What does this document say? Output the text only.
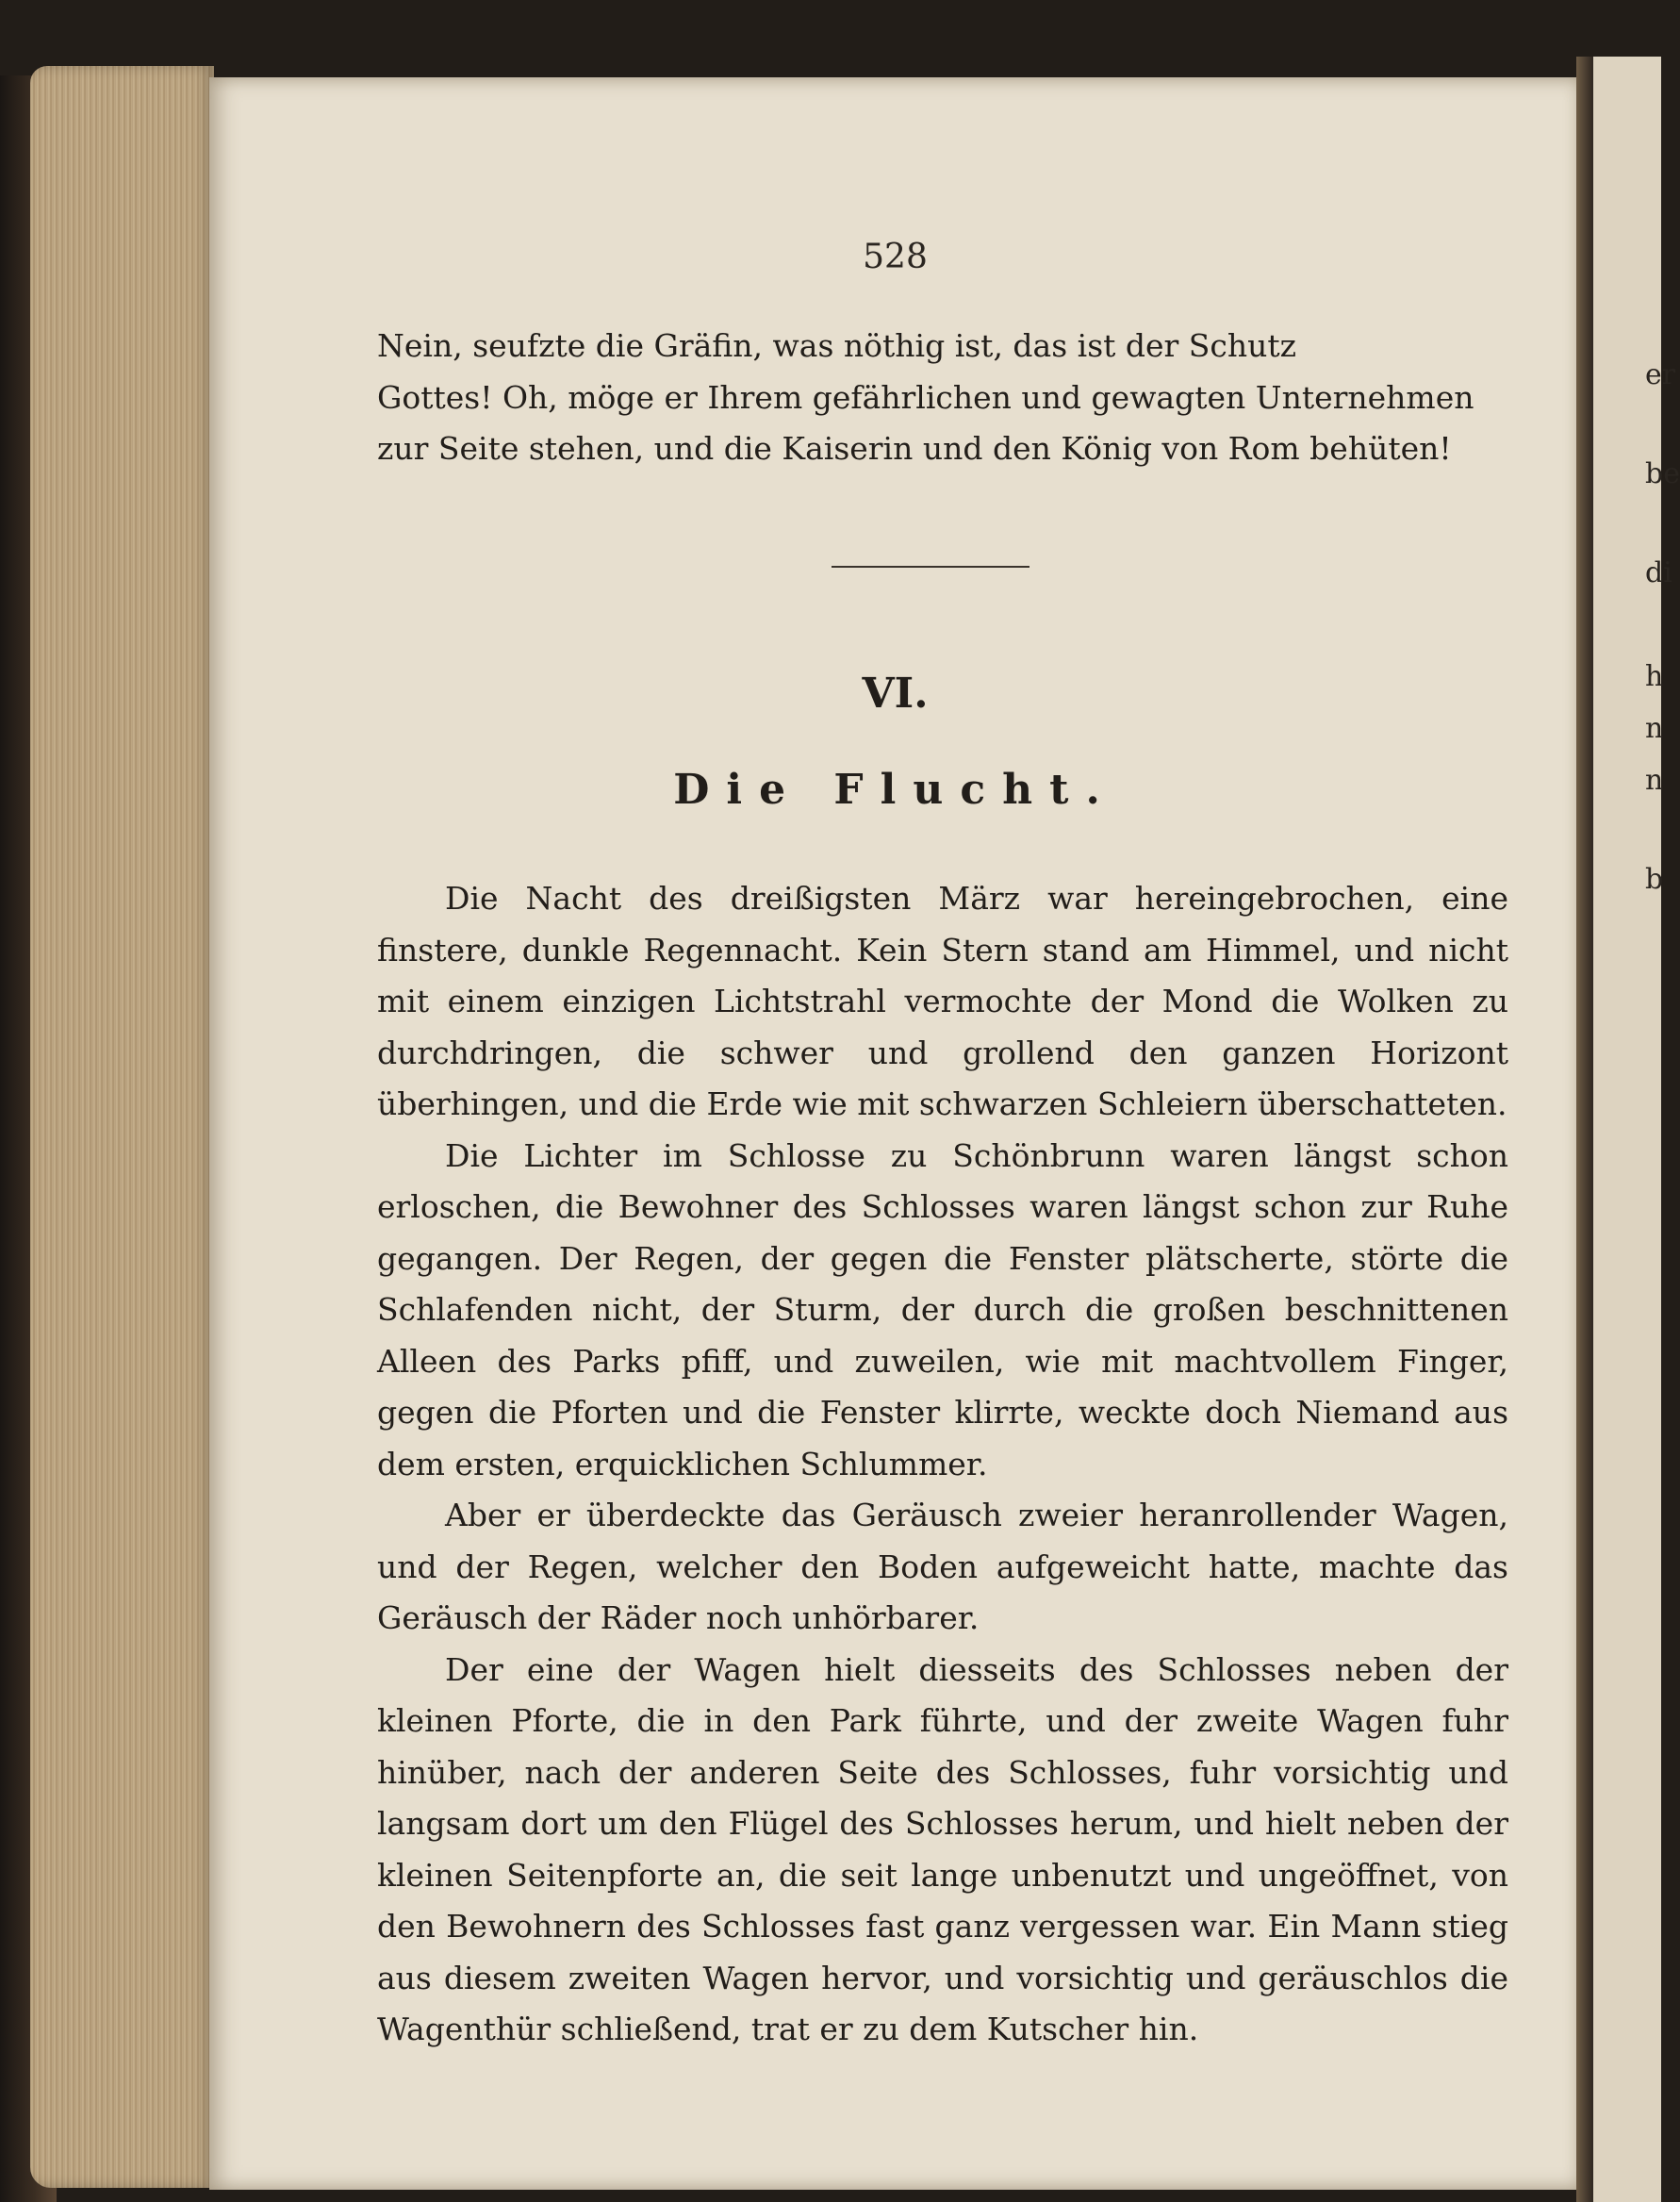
528

Nein, seufzte die Gräfin, was nöthig ist, das ist der Schutz

Gottes! Oh, möge er Ihrem gefährlichen und gewagten Unternehmen

zur Seite stehen, und die Kaiserin und den König von Rom behüten!

VI.
Die Flucht.

Die Nacht des dreißigsten März war hereingebrochen, eine finstere, dunkle Regennacht. Kein Stern stand am Himmel, und nicht mit einem einzigen Lichtstrahl vermochte der Mond die Wolken zu durchdringen, die schwer und grollend den ganzen Horizont überhingen, und die Erde wie mit schwarzen Schleiern überschatteten.

Die Lichter im Schlosse zu Schönbrunn waren längst schon erloschen, die Bewohner des Schlosses waren längst schon zur Ruhe gegangen. Der Regen, der gegen die Fenster plätscherte, störte die Schlafenden nicht, der Sturm, der durch die großen beschnittenen Alleen des Parks pfiff, und zuweilen, wie mit machtvollem Finger, gegen die Pforten und die Fenster klirrte, weckte doch Niemand aus dem ersten, erquicklichen Schlummer.

Aber er überdeckte das Geräusch zweier heranrollender Wagen, und der Regen, welcher den Boden aufgeweicht hatte, machte das Geräusch der Räder noch unhörbarer.

Der eine der Wagen hielt diesseits des Schlosses neben der kleinen Pforte, die in den Park führte, und der zweite Wagen fuhr hinüber, nach der anderen Seite des Schlosses, fuhr vorsichtig und langsam dort um den Flügel des Schlosses herum, und hielt neben der kleinen Seitenpforte an, die seit lange unbenutzt und ungeöffnet, von den Bewohnern des Schlosses fast ganz vergessen war. Ein Mann stieg aus diesem zweiten Wagen hervor, und vorsichtig und geräuschlos die Wagenthür schließend, trat er zu dem Kutscher hin.

er
be
di
h
n
n
b
